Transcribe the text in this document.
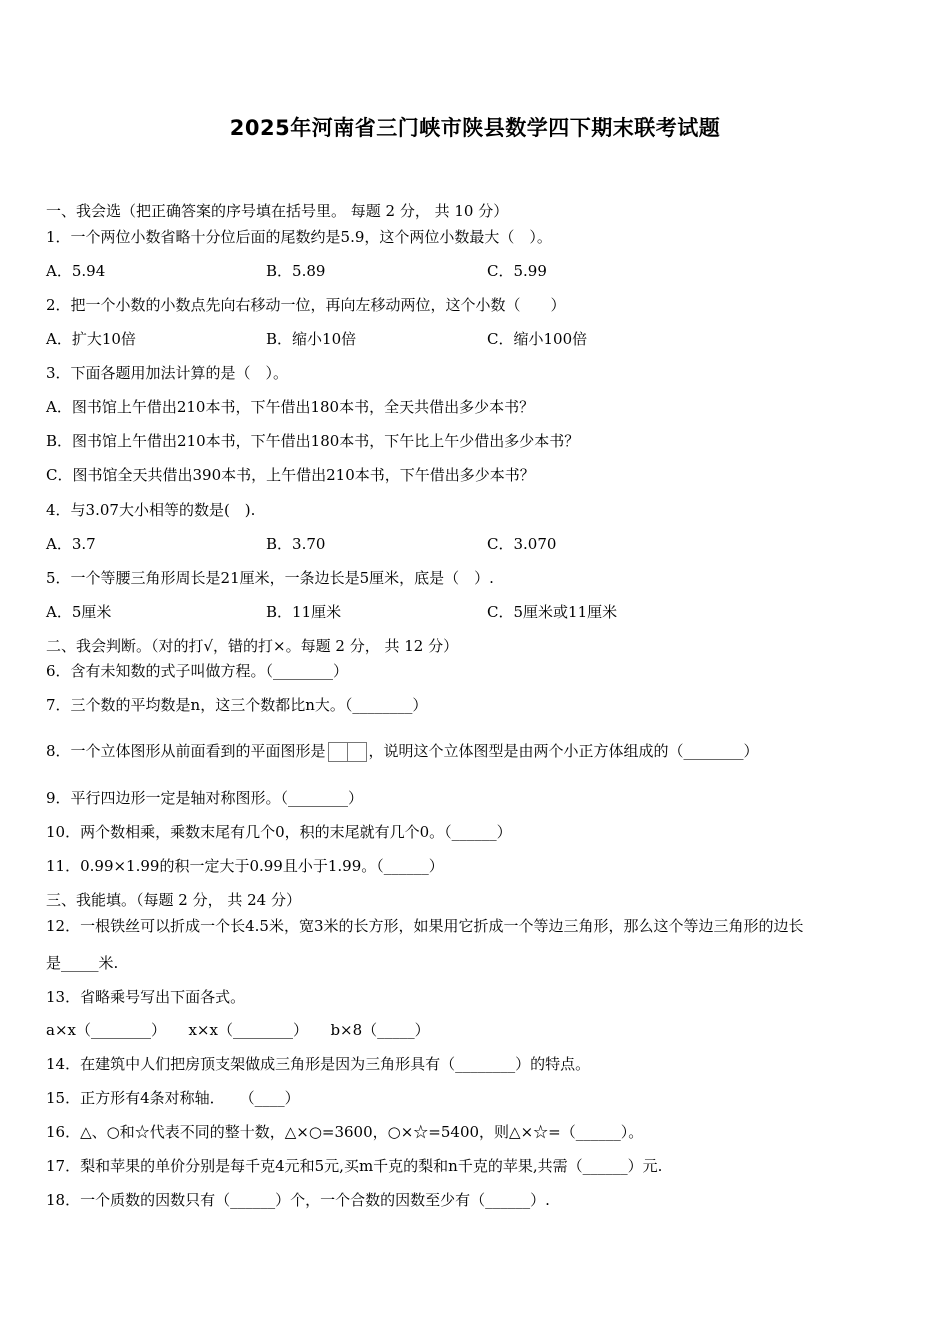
2025年河南省三门峡市陕县数学四下期末联考试题
一、我会选（把正确答案的序号填在括号里。 每题 2 分， 共 10 分）
1．一个两位小数省略十分位后面的尾数约是5.9，这个两位小数最大（　）。
A．5.94	B．5.89	C．5.99
2．把一个小数的小数点先向右移动一位，再向左移动两位，这个小数（　　）
A．扩大10倍	B．缩小10倍	C．缩小100倍
3．下面各题用加法计算的是（　）。
A．图书馆上午借出210本书，下午借出180本书，全天共借出多少本书？
B．图书馆上午借出210本书，下午借出180本书，下午比上午少借出多少本书？
C．图书馆全天共借出390本书，上午借出210本书，下午借出多少本书？
4．与3.07大小相等的数是(　).
A．3.7	B．3.70	C．3.070
5．一个等腰三角形周长是21厘米，一条边长是5厘米，底是（　）.
A．5厘米	B．11厘米	C．5厘米或11厘米
二、我会判断。（对的打√，错的打×。每题 2 分， 共 12 分）
6．含有未知数的式子叫做方程。（________）
7．三个数的平均数是n，这三个数都比n大。（________）
8．一个立体图形从前面看到的平面图形是	，说明这个立体图型是由两个小正方体组成的（________）
9．平行四边形一定是轴对称图形。（________）
10．两个数相乘，乘数末尾有几个0，积的末尾就有几个0。（______）
11．0.99×1.99的积一定大于0.99且小于1.99。（______）
三、我能填。（每题 2 分， 共 24 分）
12．一根铁丝可以折成一个长4.5米，宽3米的长方形，如果用它折成一个等边三角形，那么这个等边三角形的边长
是_____米.
13．省略乘号写出下面各式。
a×x（________）　　x×x（________）　　b×8（_____）
14．在建筑中人们把房顶支架做成三角形是因为三角形具有（________）的特点。
15．正方形有4条对称轴．　　（____）
16．△、○和☆代表不同的整十数，△×○=3600，○×☆=5400，则△×☆=（______）。
17．梨和苹果的单价分别是每千克4元和5元,买m千克的梨和n千克的苹果,共需（______）元.
18．一个质数的因数只有（______）个，一个合数的因数至少有（______）.
